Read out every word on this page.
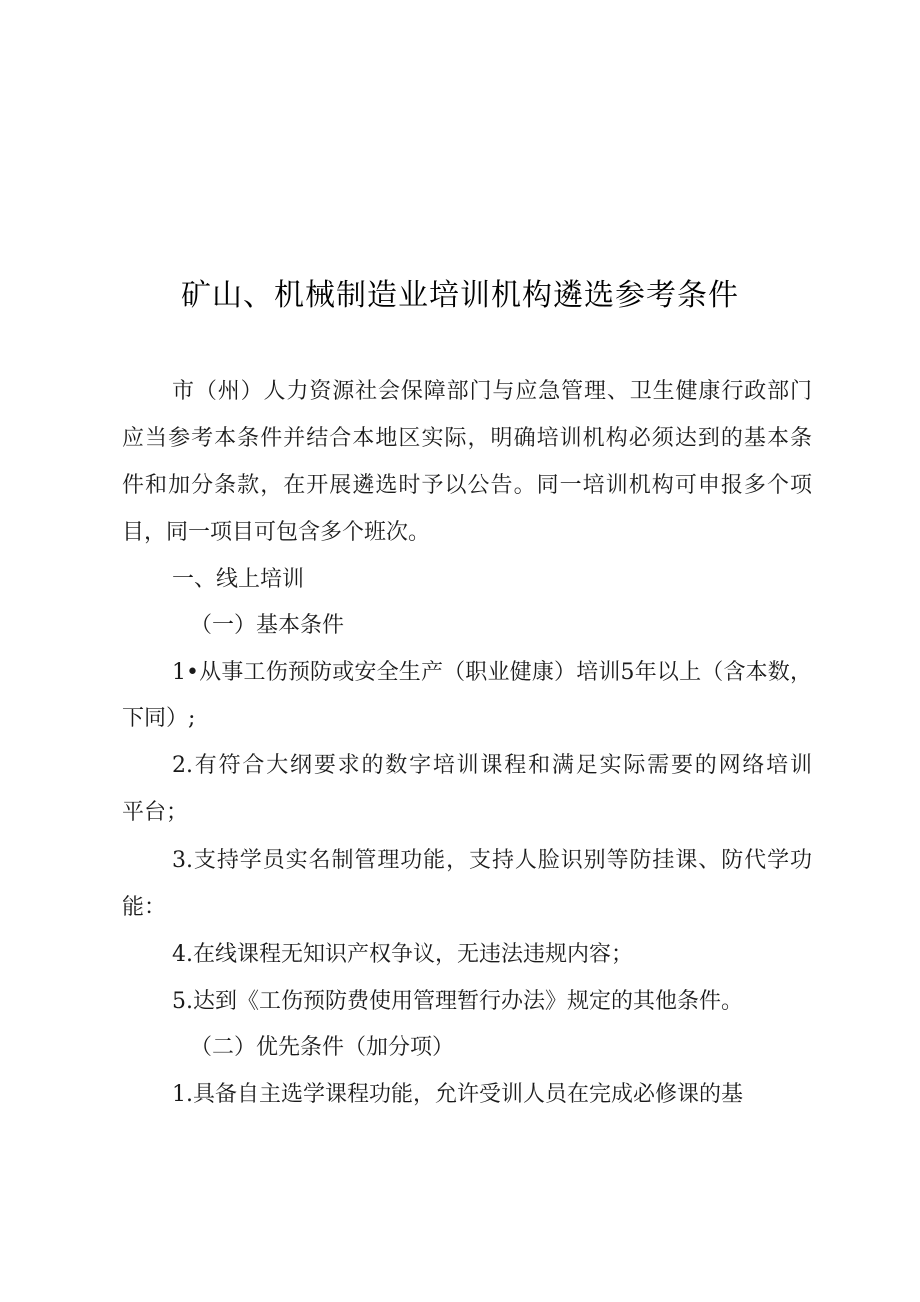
矿山、机械制造业培训机构遴选参考条件
市（州）人力资源社会保障部门与应急管理、卫生健康行政部门
应当参考本条件并结合本地区实际，明确培训机构必须达到的基本条
件和加分条款，在开展遴选时予以公告。同一培训机构可申报多个项
目，同一项目可包含多个班次。
一、线上培训
（一）基本条件
1•从事工伤预防或安全生产（职业健康）培训5年以上（含本数，
下同）;
2.有符合大纲要求的数字培训课程和满足实际需要的网络培训
平台；
3.支持学员实名制管理功能，支持人脸识别等防挂课、防代学功
能：
4.在线课程无知识产权争议，无违法违规内容；
5.达到《工伤预防费使用管理暂行办法》规定的其他条件。
（二）优先条件（加分项）
1.具备自主选学课程功能，允许受训人员在完成必修课的基
